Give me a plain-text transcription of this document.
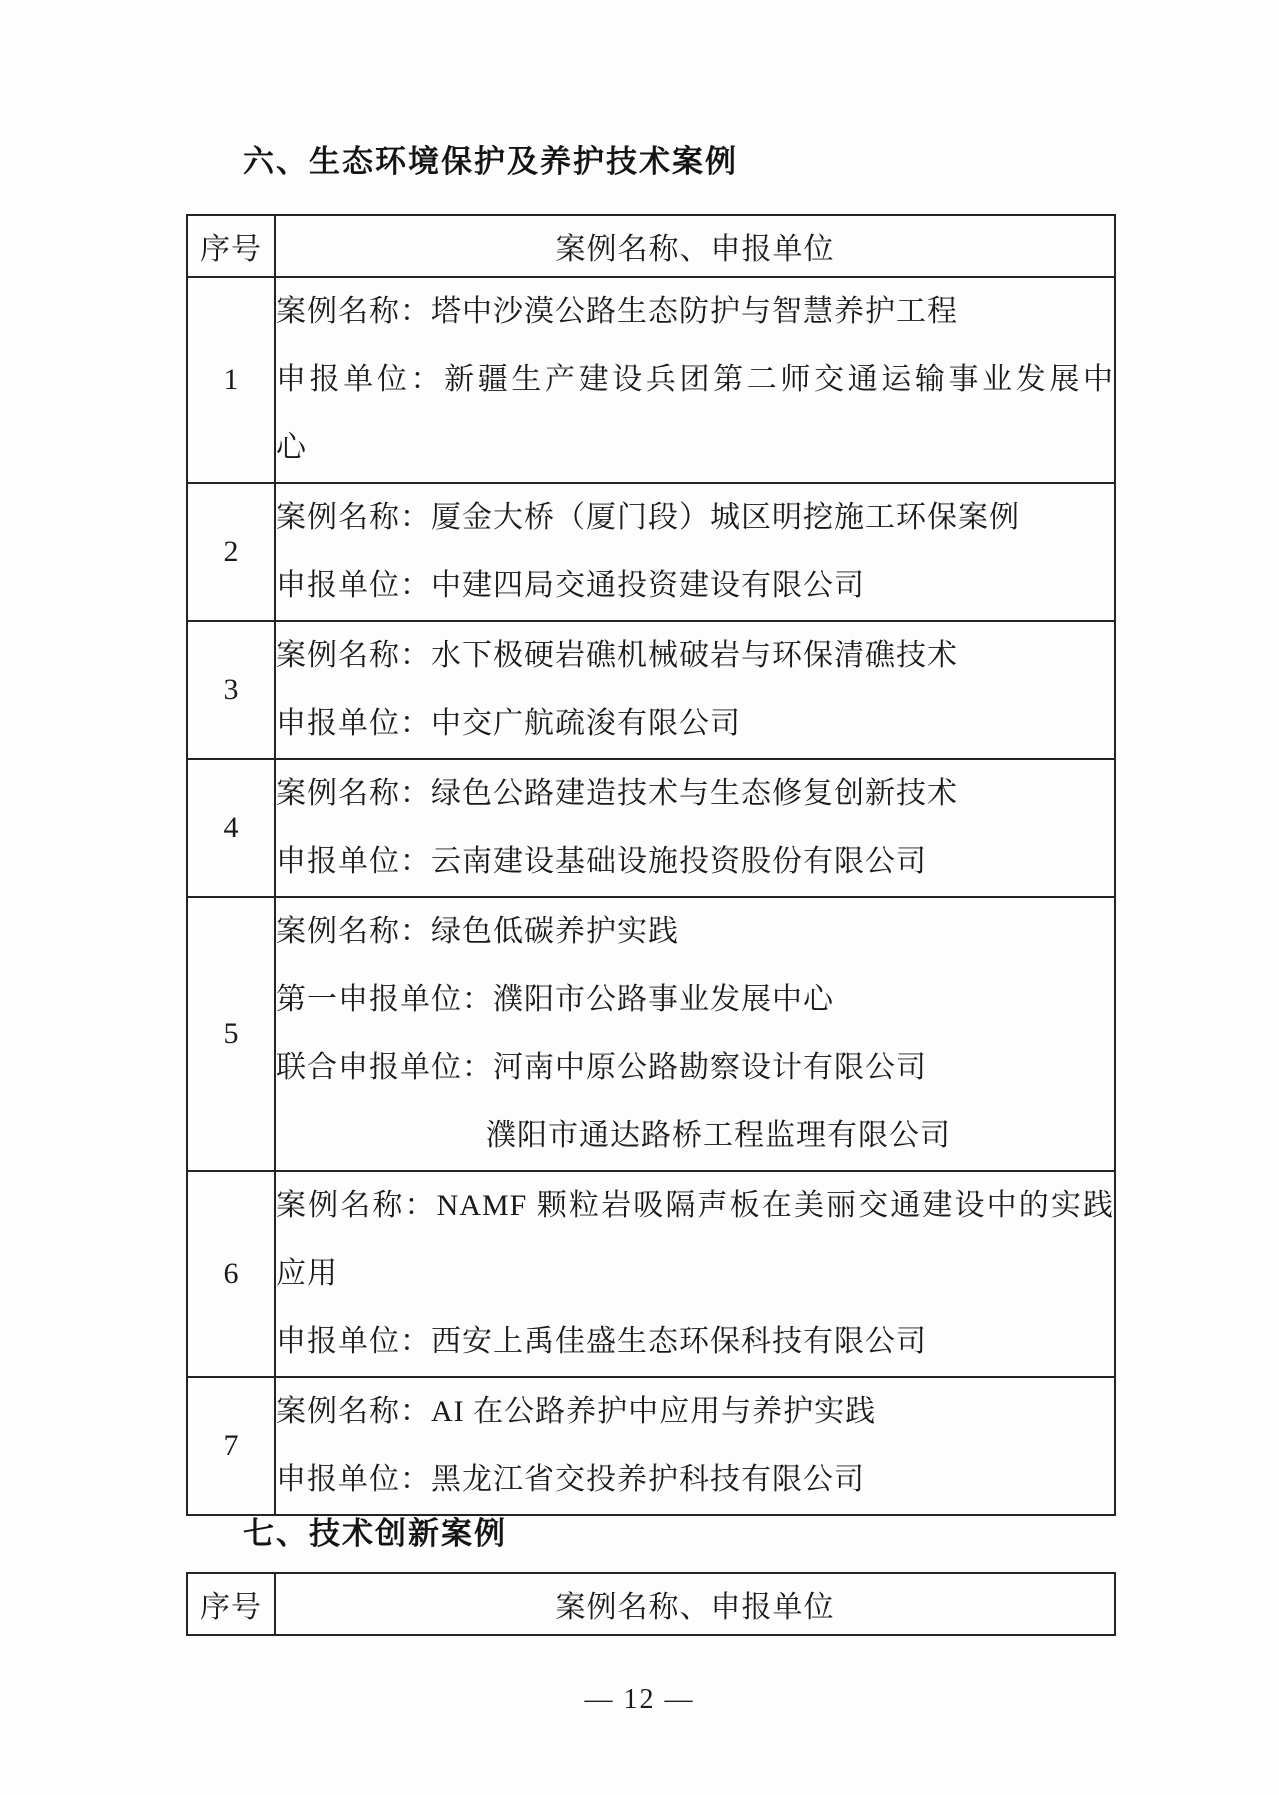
六、生态环境保护及养护技术案例
序号	案例名称、申报单位
1	案例名称：塔中沙漠公路生态防护与智慧养护工程
申报单位：新疆生产建设兵团第二师交通运输事业发展中
心

2	案例名称：厦金大桥（厦门段）城区明挖施工环保案例
申报单位：中建四局交通投资建设有限公司

3	案例名称：水下极硬岩礁机械破岩与环保清礁技术
申报单位：中交广航疏浚有限公司

4	案例名称：绿色公路建造技术与生态修复创新技术
申报单位：云南建设基础设施投资股份有限公司

5	案例名称：绿色低碳养护实践
第一申报单位：濮阳市公路事业发展中心
联合申报单位：河南中原公路勘察设计有限公司
濮阳市通达路桥工程监理有限公司

6	案例名称：NAMF 颗粒岩吸隔声板在美丽交通建设中的实践
应用
申报单位：西安上禹佳盛生态环保科技有限公司

7	案例名称：AI 在公路养护中应用与养护实践
申报单位：黑龙江省交投养护科技有限公司
七、技术创新案例
序号	案例名称、申报单位
— 12 —
